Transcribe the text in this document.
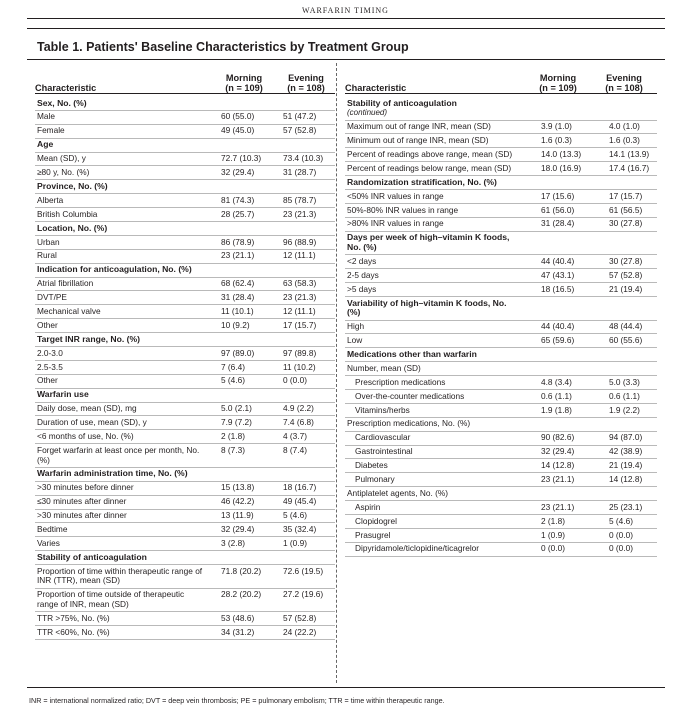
WARFARIN TIMING
Table 1. Patients' Baseline Characteristics by Treatment Group
Characteristic
Morning
(n = 109)
Evening
(n = 108)
Sex, No. (%)
Male	60 (55.0)	51 (47.2)
Female	49 (45.0)	57 (52.8)
Age
Mean (SD), y	72.7 (10.3)	73.4 (10.3)
≥80 y, No. (%)	32 (29.4)	31 (28.7)
Province, No. (%)
Alberta	81 (74.3)	85 (78.7)
British Columbia	28 (25.7)	23 (21.3)
Location, No. (%)
Urban	86 (78.9)	96 (88.9)
Rural	23 (21.1)	12 (11.1)
Indication for anticoagulation, No. (%)
Atrial fibrillation	68 (62.4)	63 (58.3)
DVT/PE	31 (28.4)	23 (21.3)
Mechanical valve	11 (10.1)	12 (11.1)
Other	10 (9.2)	17 (15.7)
Target INR range, No. (%)
2.0-3.0	97 (89.0)	97 (89.8)
2.5-3.5	7 (6.4)	11 (10.2)
Other	5 (4.6)	0 (0.0)
Warfarin use
Daily dose, mean (SD), mg	5.0 (2.1)	4.9 (2.2)
Duration of use, mean (SD), y	7.9 (7.2)	7.4 (6.8)
<6 months of use, No. (%)	2 (1.8)	4 (3.7)
Forget warfarin at least once per month, No. (%)
8 (7.3)	8 (7.4)
Warfarin administration time, No. (%)
>30 minutes before dinner	15 (13.8)	18 (16.7)
≤30 minutes after dinner	46 (42.2)	49 (45.4)
>30 minutes after dinner	13 (11.9)	5 (4.6)
Bedtime	32 (29.4)	35 (32.4)
Varies	3 (2.8)	1 (0.9)
Stability of anticoagulation
Proportion of time within therapeutic range of INR (TTR), mean (SD)
71.8 (20.2)	72.6 (19.5)
Proportion of time outside of therapeutic range of INR, mean (SD)
28.2 (20.2)	27.2 (19.6)
TTR >75%, No. (%)	53 (48.6)	57 (52.8)
TTR <60%, No. (%)	34 (31.2)	24 (22.2)
Characteristic
Morning
(n = 109)
Evening
(n = 108)
Stability of anticoagulation
(continued)
Maximum out of range INR, mean (SD)	3.9 (1.0)	4.0 (1.0)
Minimum out of range INR, mean (SD)	1.6 (0.3)	1.6 (0.3)
Percent of readings above range, mean (SD)	14.0 (13.3)	14.1 (13.9)
Percent of readings below range, mean (SD)	18.0 (16.9)	17.4 (16.7)
Randomization stratification, No. (%)
<50% INR values in range	17 (15.6)	17 (15.7)
50%-80% INR values in range	61 (56.0)	61 (56.5)
>80% INR values in range	31 (28.4)	30 (27.8)
Days per week of high–vitamin K foods, No. (%)
<2 days	44 (40.4)	30 (27.8)
2-5 days	47 (43.1)	57 (52.8)
>5 days	18 (16.5)	21 (19.4)
Variability of high–vitamin K foods, No. (%)
High	44 (40.4)	48 (44.4)
Low	65 (59.6)	60 (55.6)
Medications other than warfarin
Number, mean (SD)
Prescription medications	4.8 (3.4)	5.0 (3.3)
Over-the-counter medications	0.6 (1.1)	0.6 (1.1)
Vitamins/herbs	1.9 (1.8)	1.9 (2.2)
Prescription medications, No. (%)
Cardiovascular	90 (82.6)	94 (87.0)
Gastrointestinal	32 (29.4)	42 (38.9)
Diabetes	14 (12.8)	21 (19.4)
Pulmonary	23 (21.1)	14 (12.8)
Antiplatelet agents, No. (%)
Aspirin	23 (21.1)	25 (23.1)
Clopidogrel	2 (1.8)	5 (4.6)
Prasugrel	1 (0.9)	0 (0.0)
Dipyridamole/ticlopidine/ticagrelor	0 (0.0)	0 (0.0)
INR = international normalized ratio; DVT = deep vein thrombosis; PE = pulmonary embolism; TTR = time within therapeutic range.
